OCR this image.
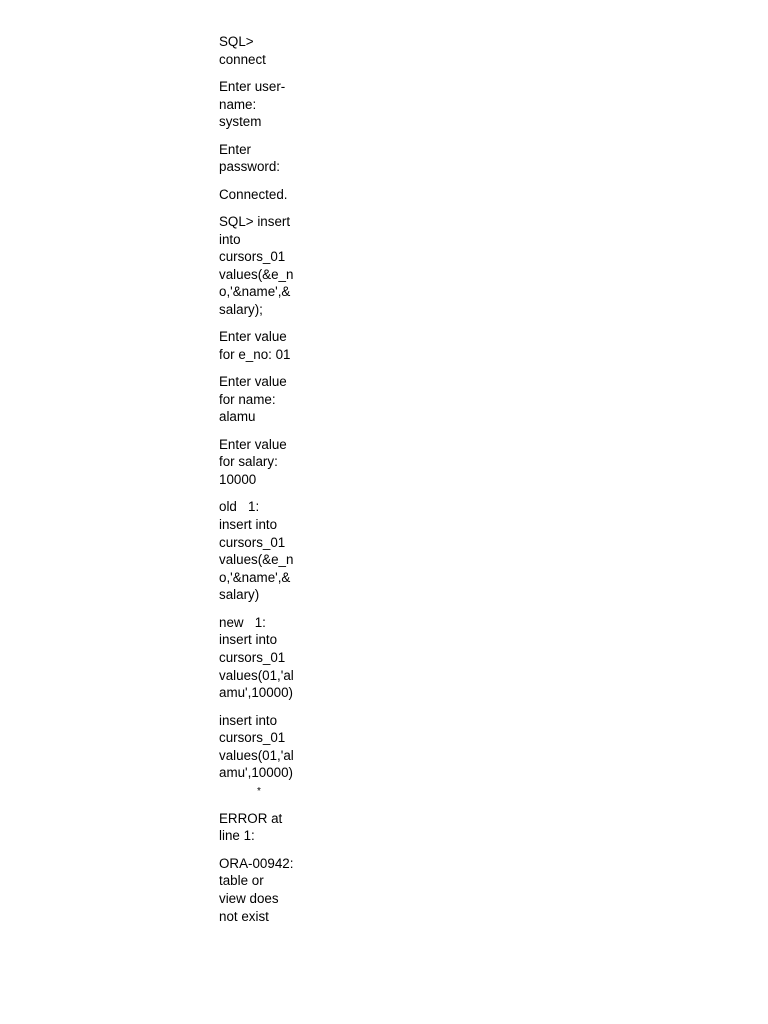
SQL>
connect

Enter user-
name:
system

Enter
password:

Connected.

SQL> insert
into
cursors_01
values(&e_n
o,'&name',&
salary);

Enter value
for e_no: 01

Enter value
for name:
alamu

Enter value
for salary:
10000

old   1:
insert into
cursors_01
values(&e_n
o,'&name',&
salary)

new   1:
insert into
cursors_01
values(01,'al
amu',10000)

insert into
cursors_01
values(01,'al
amu',10000)

*

ERROR at
line 1:

ORA-00942:
table or
view does
not exist
